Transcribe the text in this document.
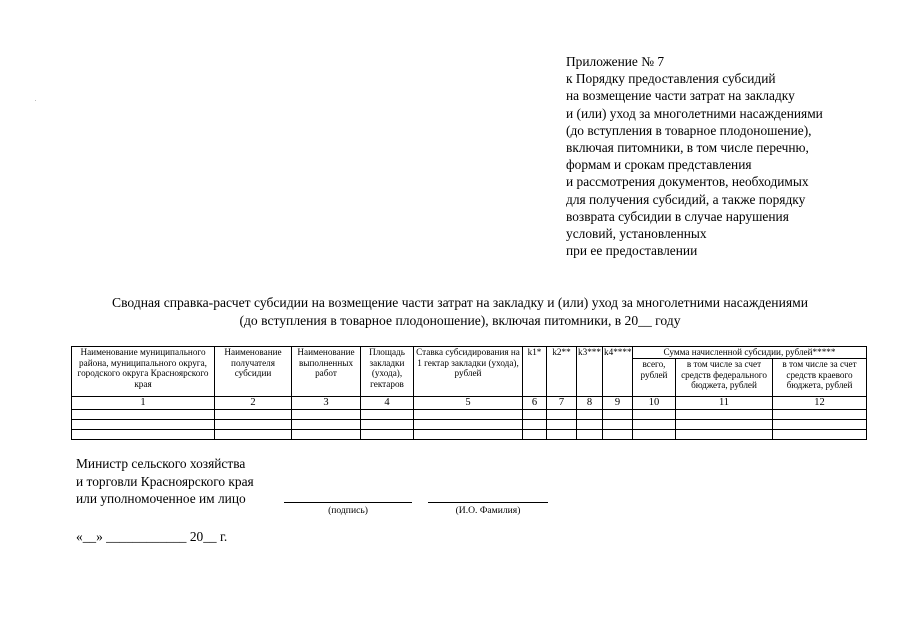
Приложение № 7
к Порядку предоставления субсидий
на возмещение части затрат на закладку
и (или) уход за многолетними насаждениями
(до вступления в товарное плодоношение),
включая питомники, в том числе перечню,
формам и срокам представления
и рассмотрения документов, необходимых
для получения субсидий, а также порядку
возврата субсидии в случае нарушения
условий, установленных
при ее предоставлении
Сводная справка-расчет субсидии на возмещение части затрат на закладку и (или) уход за многолетними насаждениями
(до вступления в товарное плодоношение), включая питомники, в 20__ году
Наименование муниципального района, муниципального округа, городского округа Красноярского края	Наименование получателя субсидии	Наименование выполненных работ	Площадь закладки (ухода), гектаров	Ставка субсидирования на 1 гектар закладки (ухода), рублей	k1*	k2**	k3***	k4****	Сумма начисленной субсидии, рублей*****		
									всего, рублей	в том числе за счет средств федерального бюджета, рублей	в том числе за счет средств краевого бюджета, рублей
1	2	3	4	5	6	7	8	9	10	11	12

Министр сельского хозяйства
и торговли Красноярского края
или уполномоченное им лицо
(подпись)	(И.О. Фамилия)
«__» ____________ 20__ г.
